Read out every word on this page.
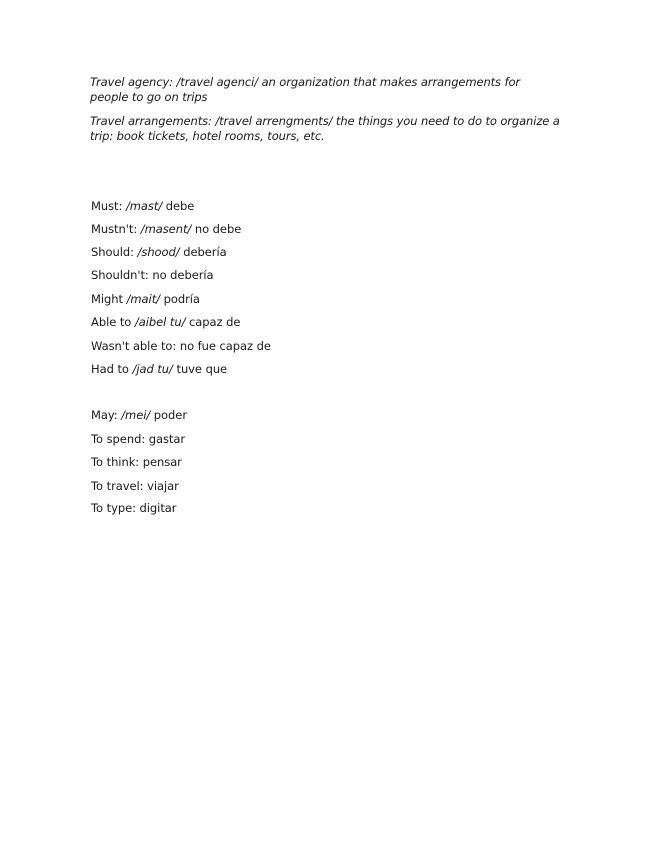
Travel agency: /travel agenci/ an organization that makes arrangements for people to go on trips
Travel arrangements: /travel arrengments/ the things you need to do to organize a trip: book tickets, hotel rooms, tours, etc.
Must: /mast/ debe
Mustn't: /masent/ no debe
Should: /shood/ debería
Shouldn't: no debería
Might /mait/ podría
Able to /aibel tu/ capaz de
Wasn't able to: no fue capaz de
Had to /jad tu/ tuve que
May: /mei/ poder
To spend: gastar
To think: pensar
To travel: viajar
To type: digitar
